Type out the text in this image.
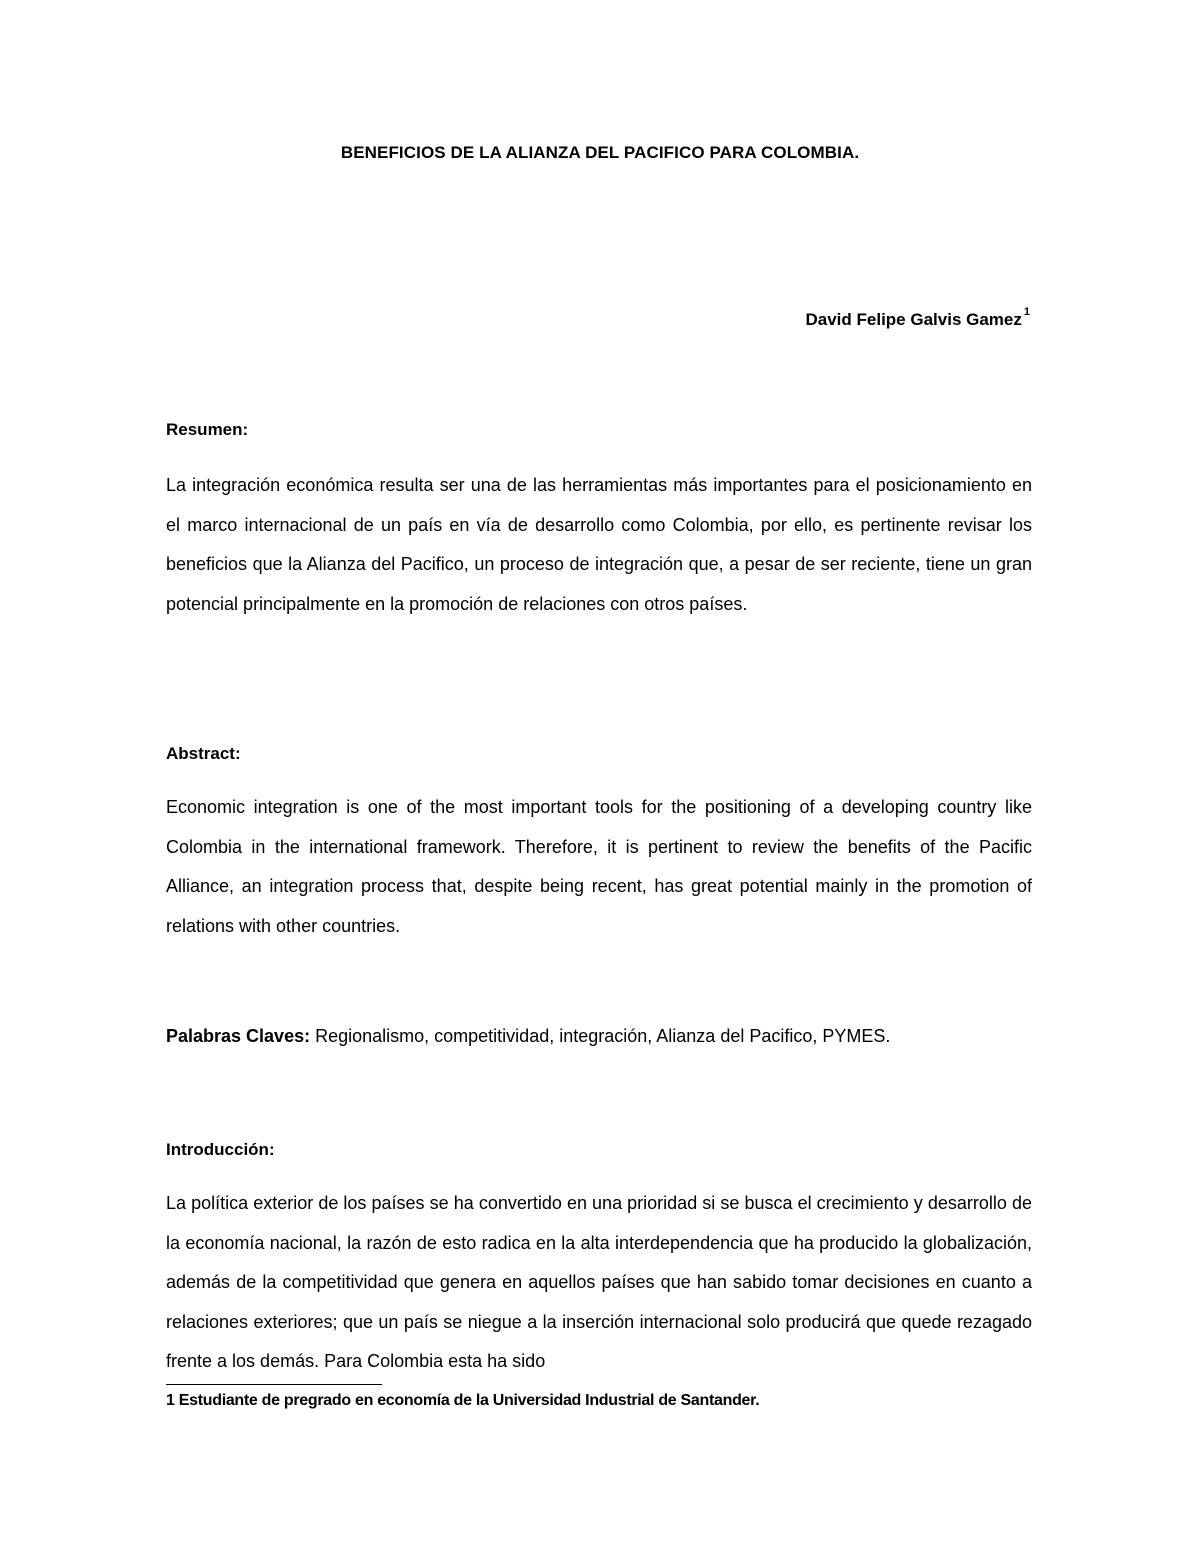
BENEFICIOS DE LA ALIANZA DEL PACIFICO PARA COLOMBIA.
David Felipe Galvis Gamez $^1$
Resumen:
La integración económica resulta ser una de las herramientas más importantes para el posicionamiento en el marco internacional de un país en vía de desarrollo como Colombia, por ello, es pertinente revisar los beneficios que la Alianza del Pacifico, un proceso de integración que, a pesar de ser reciente, tiene un gran potencial principalmente en la promoción de relaciones con otros países.
Abstract:
Economic integration is one of the most important tools for the positioning of a developing country like Colombia in the international framework. Therefore, it is pertinent to review the benefits of the Pacific Alliance, an integration process that, despite being recent, has great potential mainly in the promotion of relations with other countries.
Palabras Claves: Regionalismo, competitividad, integración, Alianza del Pacifico, PYMES.
Introducción:
La política exterior de los países se ha convertido en una prioridad si se busca el crecimiento y desarrollo de la economía nacional, la razón de esto radica en la alta interdependencia que ha producido la globalización, además de la competitividad que genera en aquellos países que han sabido tomar decisiones en cuanto a relaciones exteriores; que un país se niegue a la inserción internacional solo producirá que quede rezagado frente a los demás. Para Colombia esta ha sido
1 Estudiante de pregrado en economía de la Universidad Industrial de Santander.
